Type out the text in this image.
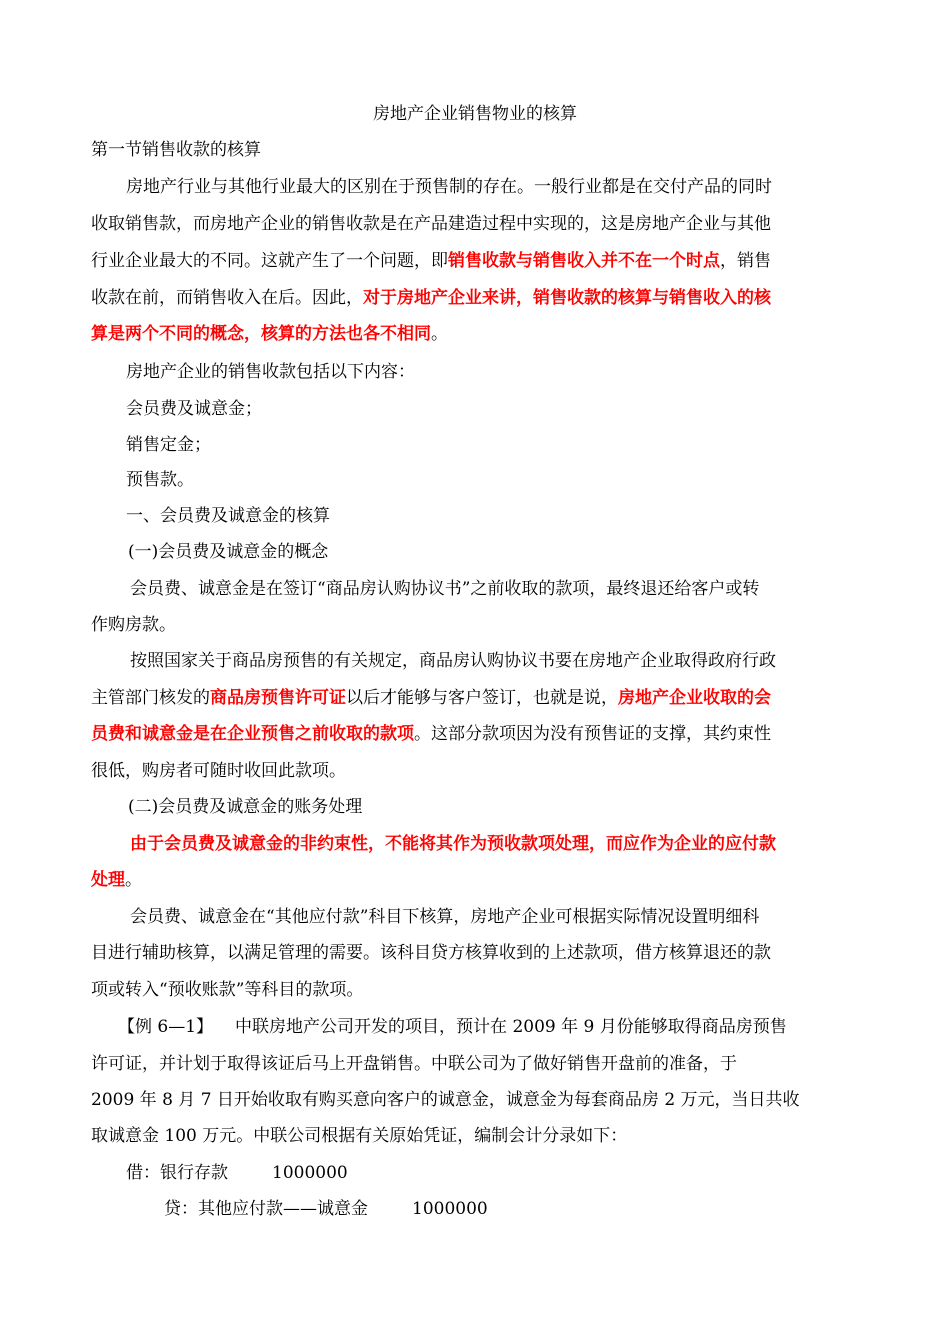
房地产企业销售物业的核算
第一节销售收款的核算
房地产行业与其他行业最大的区别在于预售制的存在。一般行业都是在交付产品的同时
收取销售款，而房地产企业的销售收款是在产品建造过程中实现的，这是房地产企业与其他
行业企业最大的不同。这就产生了一个问题，即销售收款与销售收入并不在一个时点，销售
收款在前，而销售收入在后。因此，对于房地产企业来讲，销售收款的核算与销售收入的核
算是两个不同的概念，核算的方法也各不相同。
房地产企业的销售收款包括以下内容：
会员费及诚意金；
销售定金；
预售款。
一、会员费及诚意金的核算
(一)会员费及诚意金的概念
会员费、诚意金是在签订“商品房认购协议书”之前收取的款项，最终退还给客户或转
作购房款。
按照国家关于商品房预售的有关规定，商品房认购协议书要在房地产企业取得政府行政
主管部门核发的商品房预售许可证以后才能够与客户签订，也就是说，房地产企业收取的会
员费和诚意金是在企业预售之前收取的款项。这部分款项因为没有预售证的支撑，其约束性
很低，购房者可随时收回此款项。
(二)会员费及诚意金的账务处理
由于会员费及诚意金的非约束性，不能将其作为预收款项处理，而应作为企业的应付款
处理。
会员费、诚意金在“其他应付款”科目下核算，房地产企业可根据实际情况设置明细科
目进行辅助核算，以满足管理的需要。该科目贷方核算收到的上述款项，借方核算退还的款
项或转入“预收账款”等科目的款项。
【例 6—1】 中联房地产公司开发的项目，预计在 2009 年 9 月份能够取得商品房预售
许可证，并计划于取得该证后马上开盘销售。中联公司为了做好销售开盘前的准备，于
2009 年 8 月 7 日开始收取有购买意向客户的诚意金，诚意金为每套商品房 2 万元，当日共收
取诚意金 100 万元。中联公司根据有关原始凭证，编制会计分录如下：
借：银行存款	1000000
贷：其他应付款——诚意金	1000000
